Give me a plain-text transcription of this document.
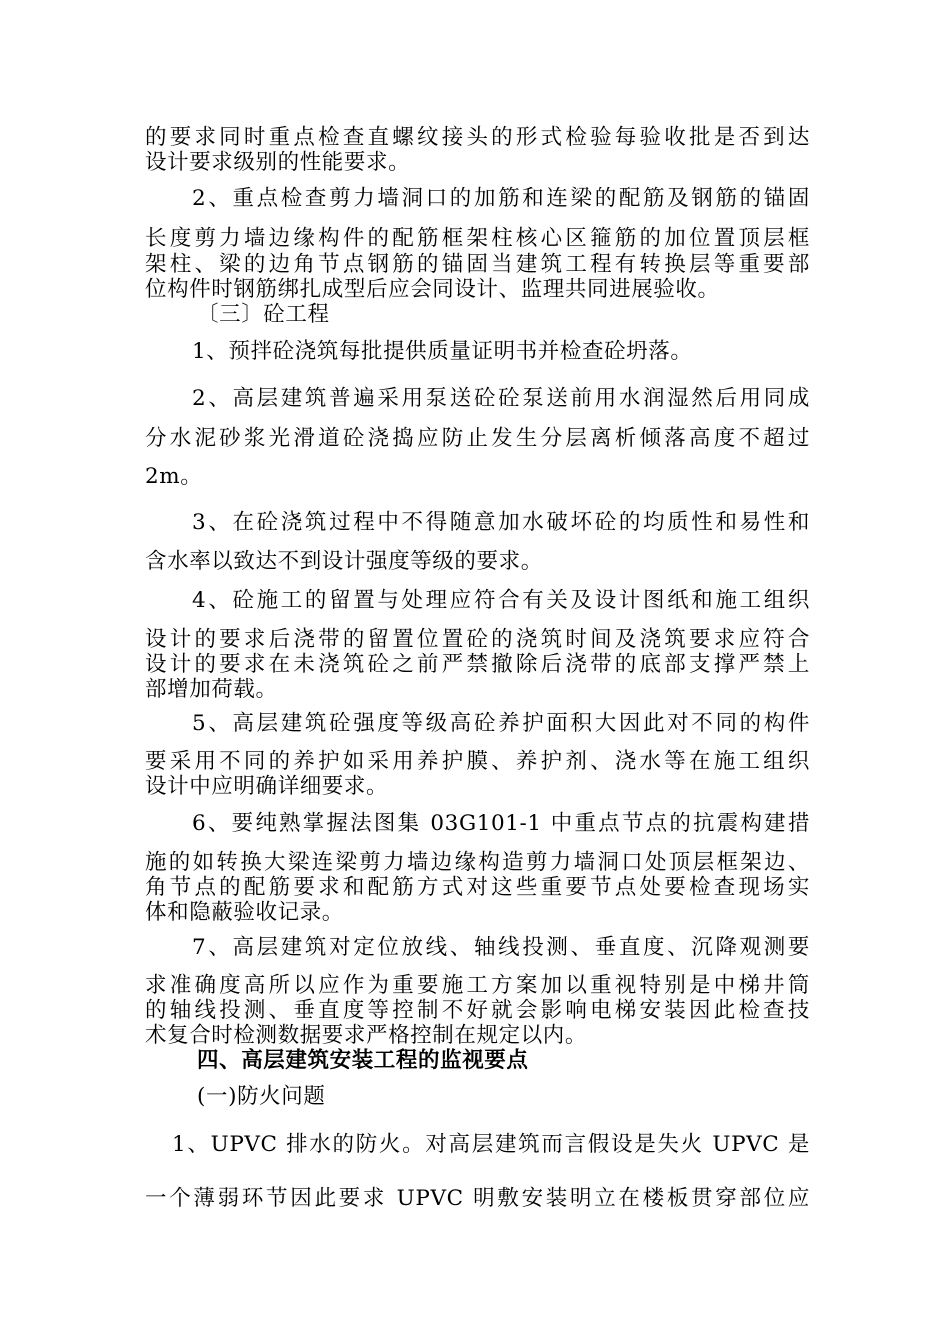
的要求同时重点检查直螺纹接头的形式检验每验收批是否到达
设计要求级别的性能要求。
2、重点检查剪力墙洞口的加筋和连梁的配筋及钢筋的锚固
长度剪力墙边缘构件的配筋框架柱核心区箍筋的加位置顶层框
架柱、梁的边角节点钢筋的锚固当建筑工程有转换层等重要部
位构件时钢筋绑扎成型后应会同设计、监理共同进展验收。
〔三〕砼工程
1、预拌砼浇筑每批提供质量证明书并检查砼坍落。
2、高层建筑普遍采用泵送砼砼泵送前用水润湿然后用同成
分水泥砂浆光滑道砼浇捣应防止发生分层离析倾落高度不超过
2m。
3、在砼浇筑过程中不得随意加水破坏砼的均质性和易性和
含水率以致达不到设计强度等级的要求。
4、砼施工的留置与处理应符合有关及设计图纸和施工组织
设计的要求后浇带的留置位置砼的浇筑时间及浇筑要求应符合
设计的要求在未浇筑砼之前严禁撤除后浇带的底部支撑严禁上
部增加荷载。
5、高层建筑砼强度等级高砼养护面积大因此对不同的构件
要采用不同的养护如采用养护膜、养护剂、浇水等在施工组织
设计中应明确详细要求。
6、要纯熟掌握法图集 03G101-1 中重点节点的抗震构建措
施的如转换大梁连梁剪力墙边缘构造剪力墙洞口处顶层框架边、
角节点的配筋要求和配筋方式对这些重要节点处要检查现场实
体和隐蔽验收记录。
7、高层建筑对定位放线、轴线投测、垂直度、沉降观测要
求准确度高所以应作为重要施工方案加以重视特别是中梯井筒
的轴线投测、垂直度等控制不好就会影响电梯安装因此检查技
术复合时检测数据要求严格控制在规定以内。
四、高层建筑安装工程的监视要点
(一)防火问题
1、UPVC 排水的防火。对高层建筑而言假设是失火 UPVC 是
一个薄弱环节因此要求 UPVC 明敷安装明立在楼板贯穿部位应
